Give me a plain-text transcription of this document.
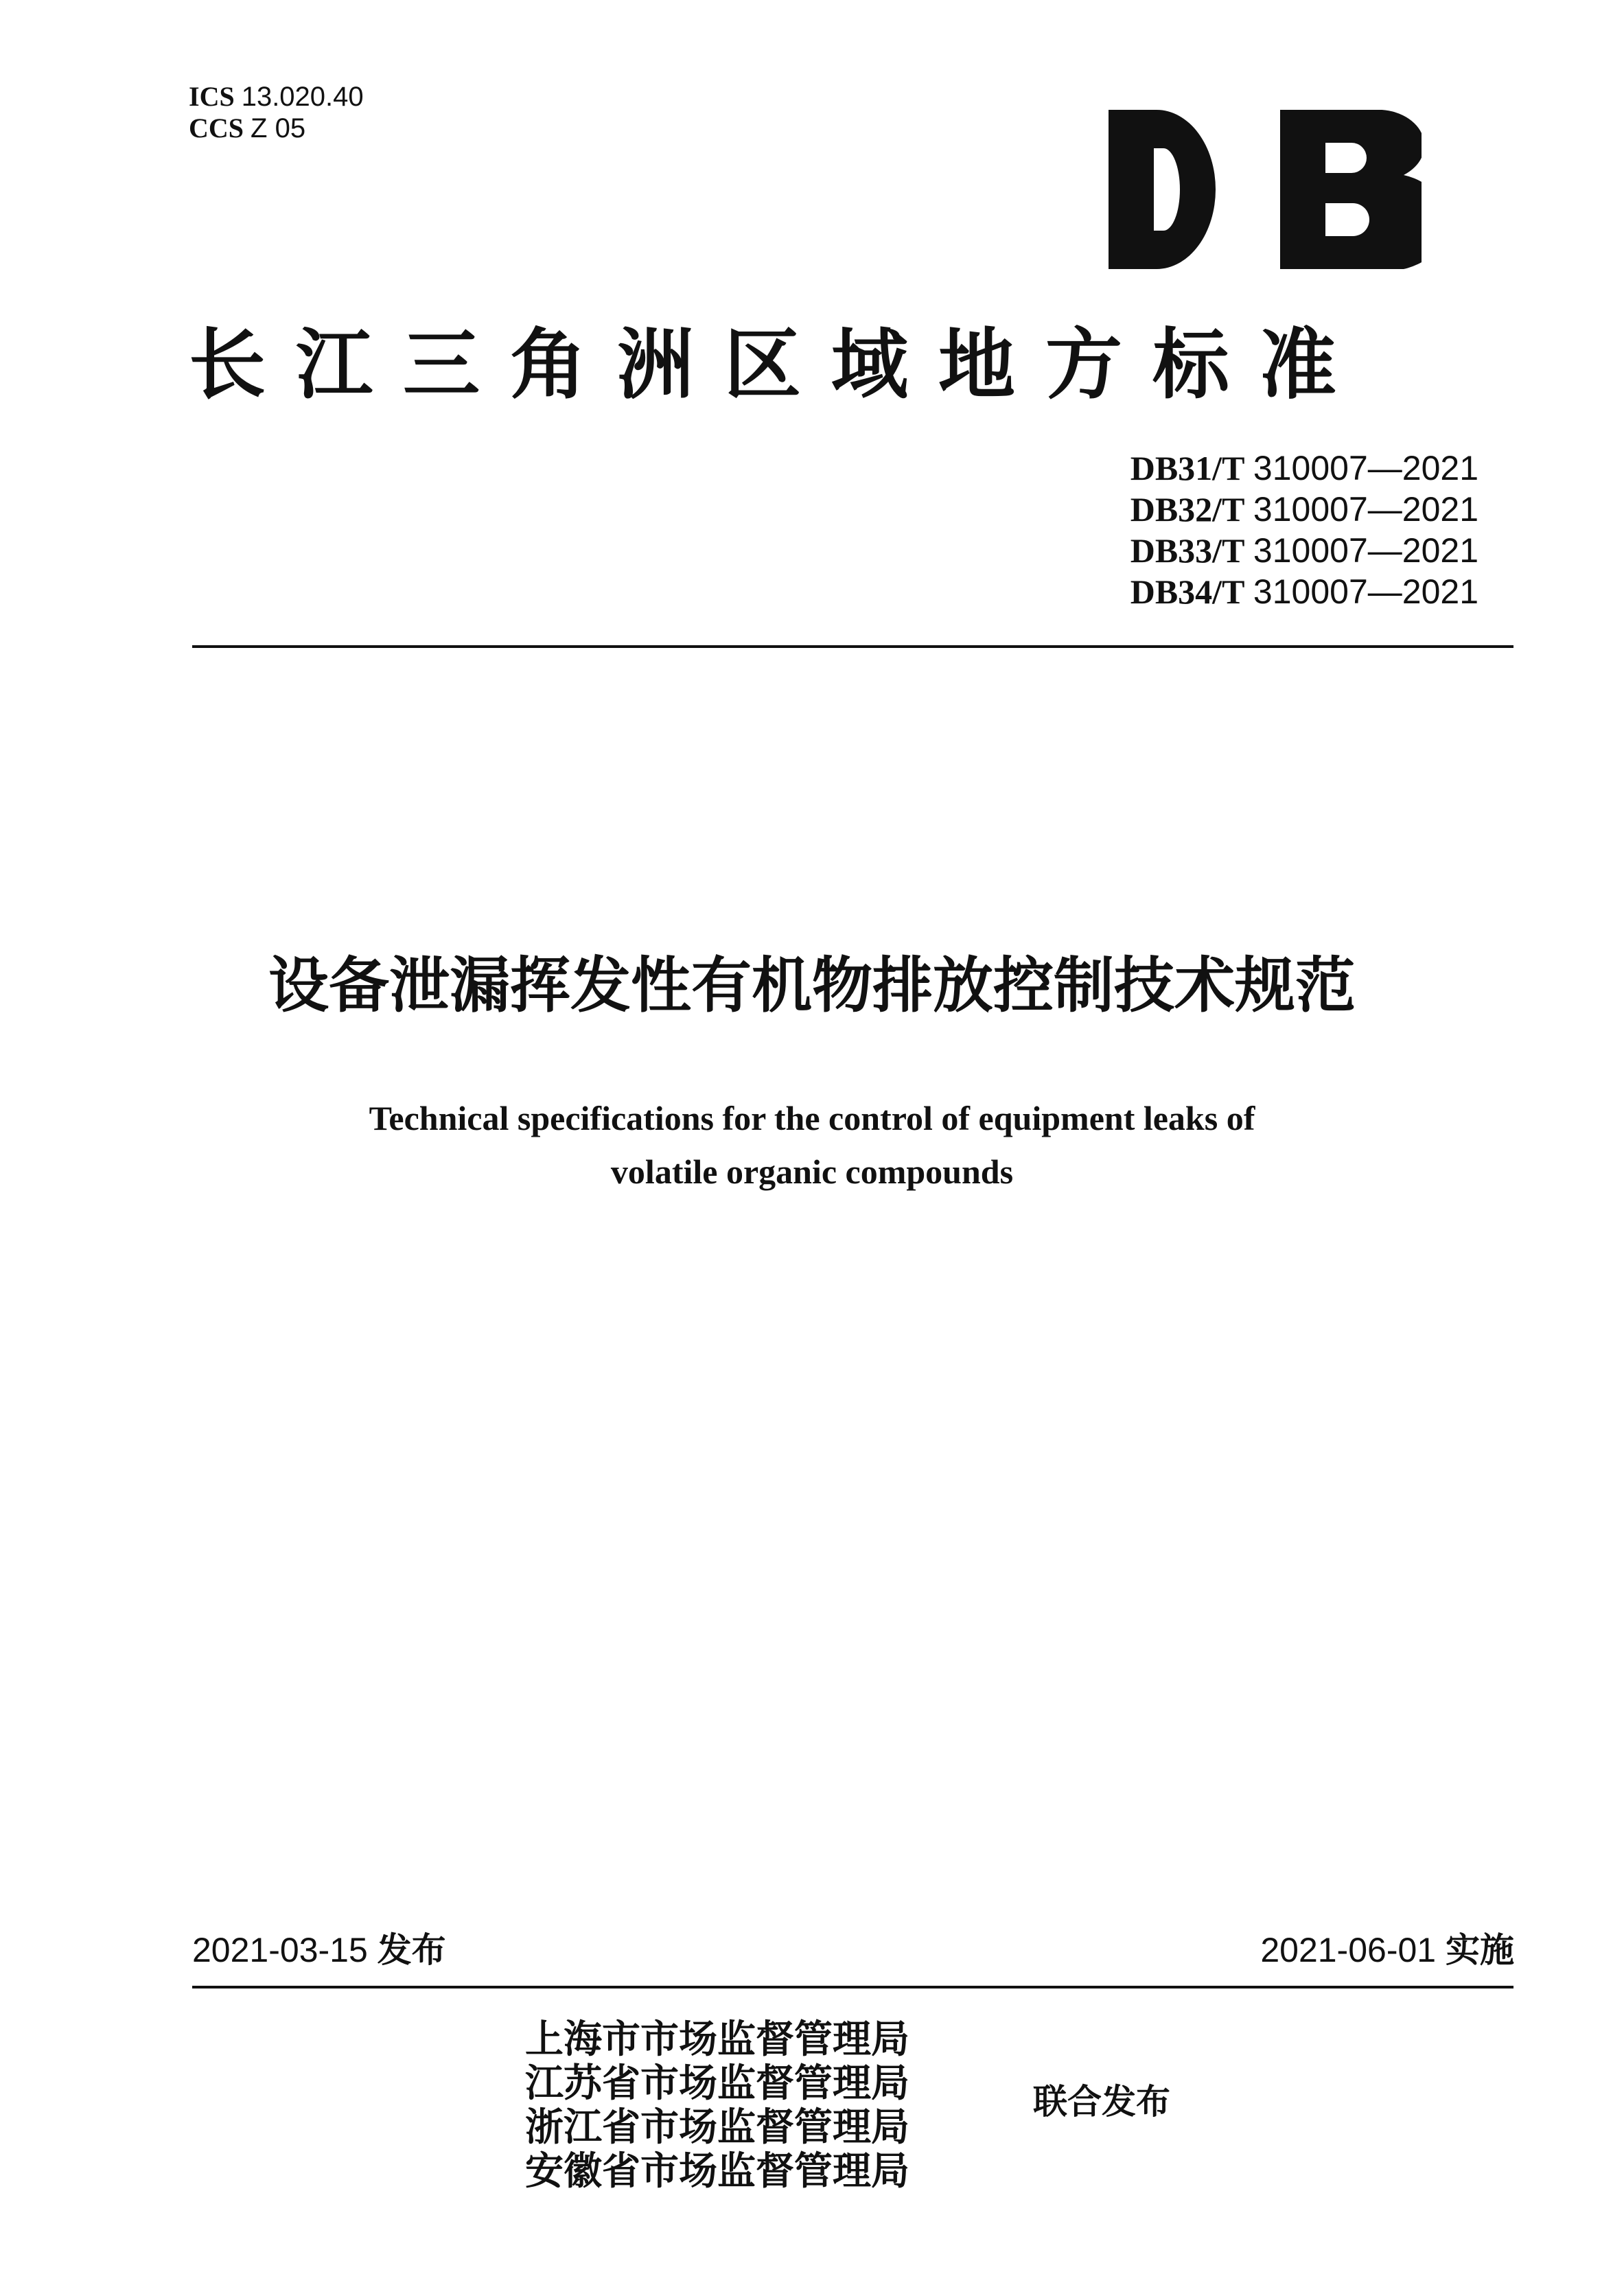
ICS 13.020.40
CCS Z 05
长江三角洲区域地方标准
DB31/T 310007—2021
DB32/T 310007—2021
DB33/T 310007—2021
DB34/T 310007—2021
设备泄漏挥发性有机物排放控制技术规范
Technical specifications for the control of equipment leaks of
volatile organic compounds
2021-03-15 发布	2021-06-01 实施
上海市市场监督管理局
江苏省市场监督管理局
浙江省市场监督管理局
安徽省市场监督管理局
联合发布
